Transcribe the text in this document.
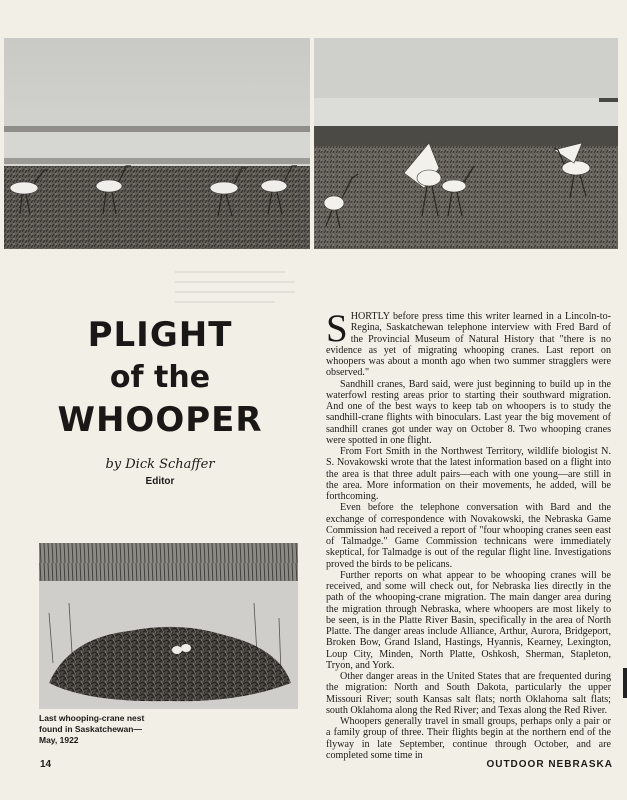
PLIGHT
of the
WHOOPER

by Dick Schaffer

Editor

Last whooping-crane nest found in Saskatchewan—May, 1922

SHORTLY before press time this writer learned in a Lincoln-to-Regina, Saskatchewan telephone interview with Fred Bard of the Provincial Museum of Natural History that "there is no evidence as yet of migrating whooping cranes. Last report on whoopers was about a month ago when two summer stragglers were observed."

Sandhill cranes, Bard said, were just beginning to build up in the waterfowl resting areas prior to starting their southward migration. And one of the best ways to keep tab on whoopers is to study the sandhill-crane flights with binoculars. Last year the big movement of sandhill cranes got under way on October 8. Two whooping cranes were spotted in one flight.

From Fort Smith in the Northwest Territory, wildlife biologist N. S. Novakowski wrote that the latest information based on a flight into the area is that three adult pairs—each with one young—are still in the area. More information on their movements, he added, will be forthcoming.

Even before the telephone conversation with Bard and the exchange of correspondence with Novakowski, the Nebraska Game Commission had received a report of "four whooping cranes seen east of Talmadge." Game Commission technicans were immediately skeptical, for Talmadge is out of the regular flight line. Investigations proved the birds to be pelicans.

Further reports on what appear to be whooping cranes will be received, and some will check out, for Nebraska lies directly in the path of the whooping-crane migration. The main danger area during the migration through Nebraska, where whoopers are most likely to be seen, is in the Platte River Basin, specifically in the area of North Platte. The danger areas include Alliance, Arthur, Aurora, Bridgeport, Broken Bow, Grand Island, Hastings, Hyannis, Kearney, Lexington, Loup City, Minden, North Platte, Oshkosh, Sherman, Stapleton, Tryon, and York.

Other danger areas in the United States that are frequented during the migration: North and South Dakota, particularly the upper Missouri River; south Kansas salt flats; north Oklahoma salt flats; south Oklahoma along the Red River; and Texas along the Red River.

Whoopers generally travel in small groups, perhaps only a pair or a family group of three. Their flights begin at the northern end of the flyway in late September, continue through October, and are completed some time in

14	OUTDOOR NEBRASKA
